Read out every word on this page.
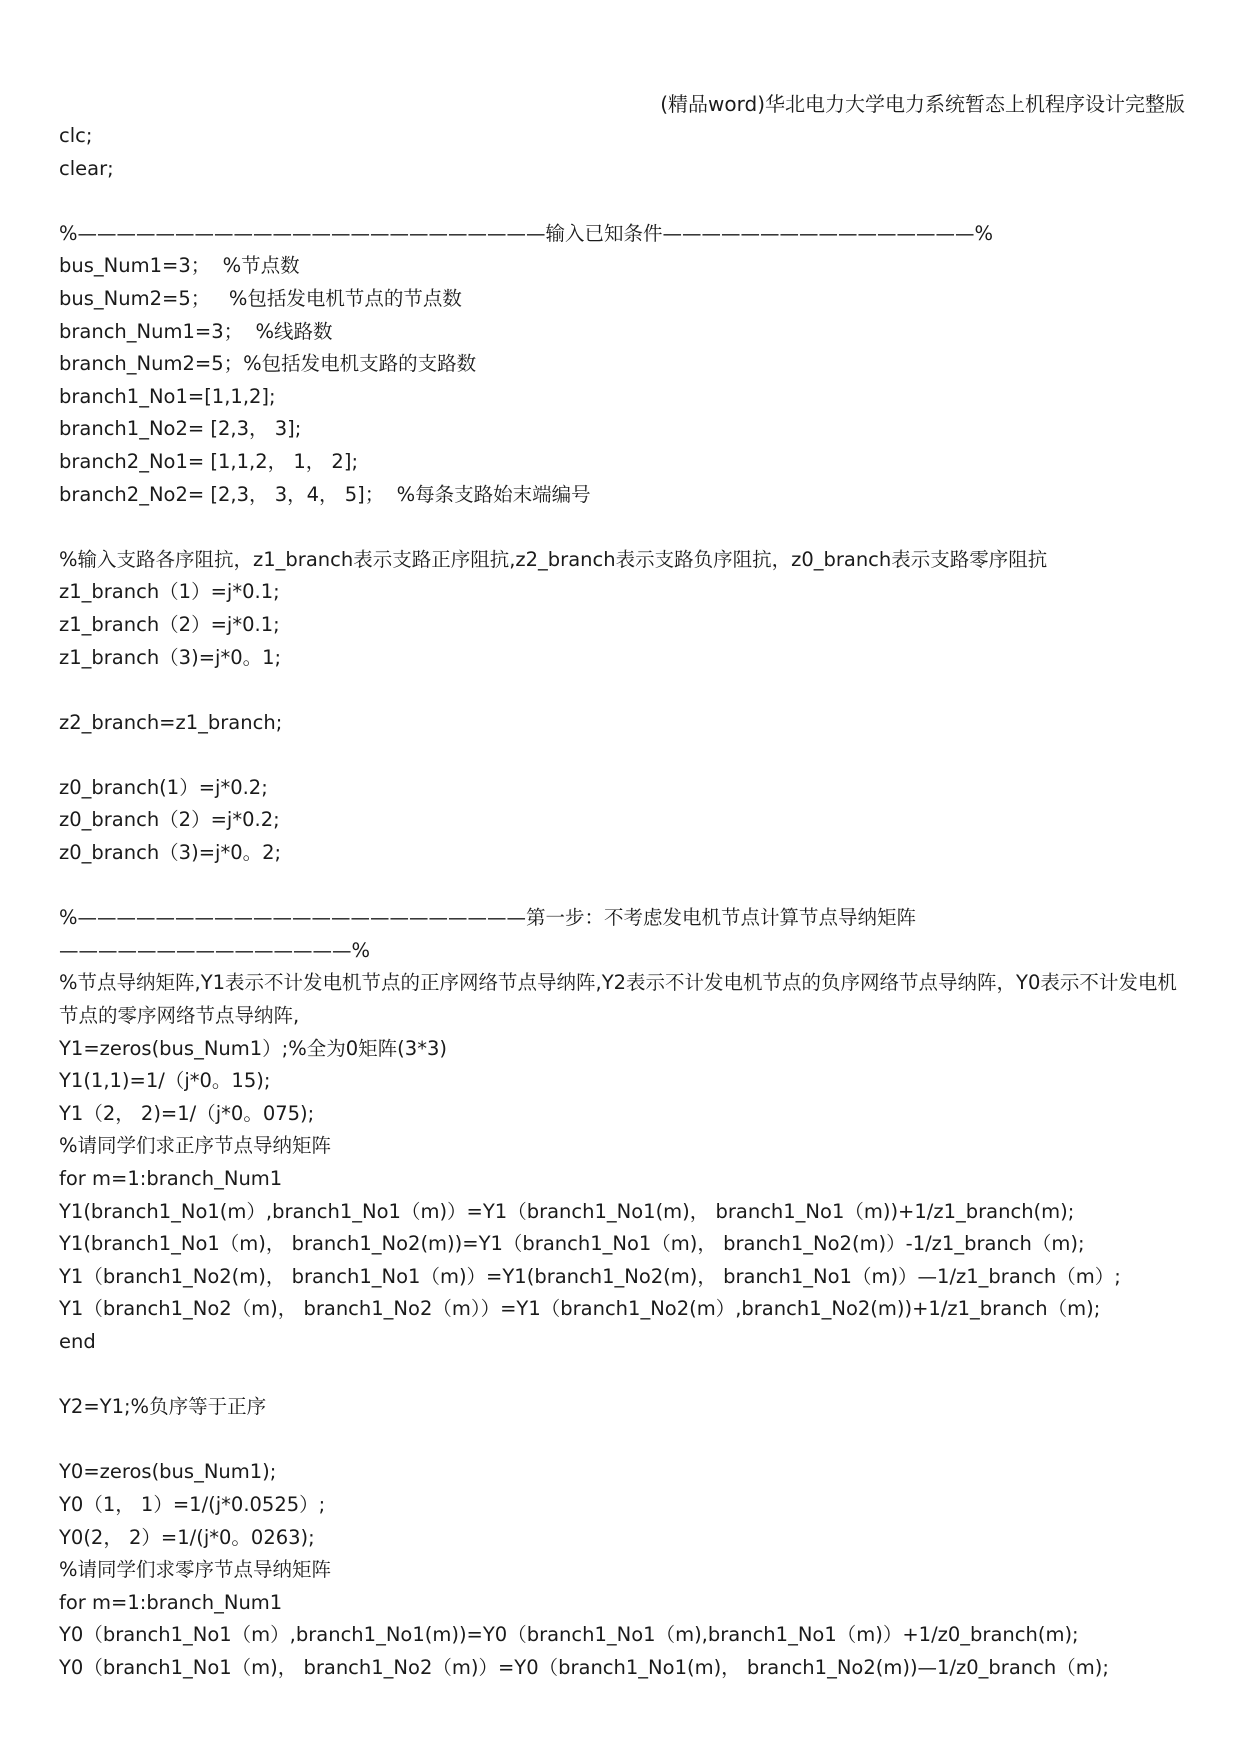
(精品word)华北电力大学电力系统暂态上机程序设计完整版
clc;
clear;
%————————————————————————输入已知条件————————————————%
bus_Num1=3；  %节点数
bus_Num2=5；   %包括发电机节点的节点数
branch_Num1=3；  %线路数
branch_Num2=5；%包括发电机支路的支路数
branch1_No1=[1,1,2];
branch1_No2= [2,3， 3];
branch2_No1= [1,1,2， 1， 2];
branch2_No2= [2,3， 3，4， 5]；  %每条支路始末端编号
%输入支路各序阻抗，z1_branch表示支路正序阻抗,z2_branch表示支路负序阻抗，z0_branch表示支路零序阻抗
z1_branch（1）=j*0.1;
z1_branch（2）=j*0.1;
z1_branch（3)=j*0。1;
z2_branch=z1_branch;
z0_branch(1）=j*0.2;
z0_branch（2）=j*0.2;
z0_branch（3)=j*0。2;
%———————————————————————第一步：不考虑发电机节点计算节点导纳矩阵———————————————%
%节点导纳矩阵,Y1表示不计发电机节点的正序网络节点导纳阵,Y2表示不计发电机节点的负序网络节点导纳阵，Y0表示不计发电机节点的零序网络节点导纳阵,
Y1=zeros(bus_Num1）;%全为0矩阵(3*3)
Y1(1,1)=1/（j*0。15);
Y1（2， 2)=1/（j*0。075);
%请同学们求正序节点导纳矩阵
for m=1:branch_Num1
Y1(branch1_No1(m）,branch1_No1（m)）=Y1（branch1_No1(m)， branch1_No1（m))+1/z1_branch(m);
Y1(branch1_No1（m)， branch1_No2(m))=Y1（branch1_No1（m)， branch1_No2(m)）-1/z1_branch（m);
Y1（branch1_No2(m)， branch1_No1（m)）=Y1(branch1_No2(m)， branch1_No1（m)）—1/z1_branch（m）;
Y1（branch1_No2（m)， branch1_No2（m））=Y1（branch1_No2(m）,branch1_No2(m))+1/z1_branch（m);
end
Y2=Y1;%负序等于正序
Y0=zeros(bus_Num1);
Y0（1， 1）=1/(j*0.0525）;
Y0(2， 2）=1/(j*0。0263);
%请同学们求零序节点导纳矩阵
for m=1:branch_Num1
Y0（branch1_No1（m）,branch1_No1(m))=Y0（branch1_No1（m),branch1_No1（m)）+1/z0_branch(m);
Y0（branch1_No1（m)， branch1_No2（m)）=Y0（branch1_No1(m)， branch1_No2(m))—1/z0_branch（m);
